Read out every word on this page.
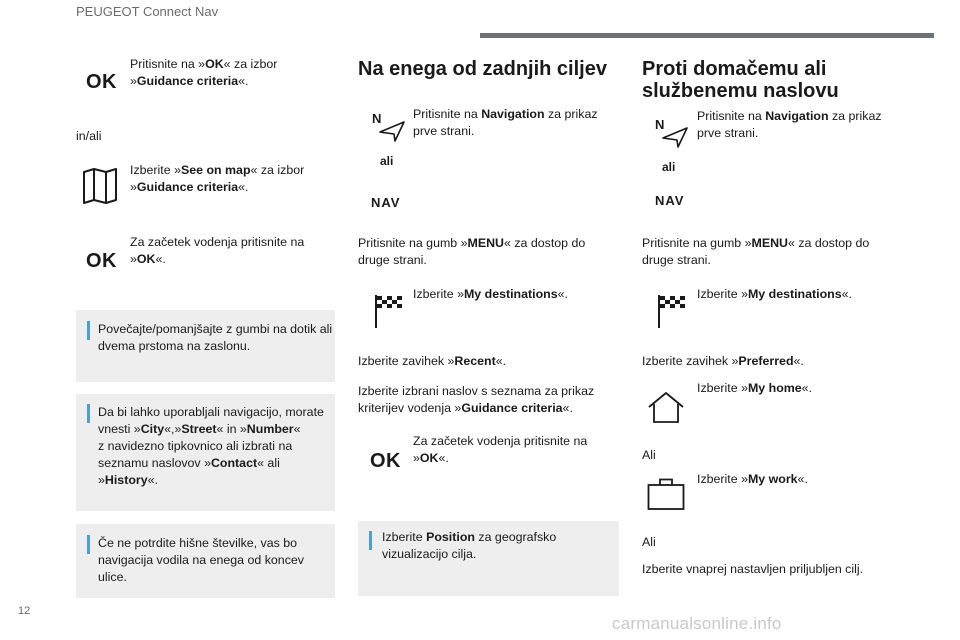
PEUGEOT Connect Nav
OK
Pritisnite na »OK« za izbor
»Guidance criteria«.
in/ali
Izberite »See on map« za izbor
»Guidance criteria«.
OK
Za začetek vodenja pritisnite na
»OK«.
Povečajte/pomanjšajte z gumbi na dotik ali
dvema prstoma na zaslonu.
Da bi lahko uporabljali navigacijo, morate
vnesti »City«,»Street« in »Number«
z navidezno tipkovnico ali izbrati na
seznamu naslovov »Contact« ali
»History«.
Če ne potrdite hišne številke, vas bo
navigacija vodila na enega od koncev
ulice.
Na enega od zadnjih ciljev
N
ali
NAV
Pritisnite na Navigation za prikaz
prve strani.
Pritisnite na gumb »MENU« za dostop do
druge strani.
Izberite »My destinations«.
Izberite zavihek »Recent«.
Izberite izbrani naslov s seznama za prikaz
kriterijev vodenja »Guidance criteria«.
OK
Za začetek vodenja pritisnite na
»OK«.
Izberite Position za geografsko
vizualizacijo cilja.
Proti domačemu ali
službenemu naslovu
N
ali
NAV
Pritisnite na Navigation za prikaz
prve strani.
Pritisnite na gumb »MENU« za dostop do
druge strani.
Izberite »My destinations«.
Izberite zavihek »Preferred«.
Izberite »My home«.
Ali
Izberite »My work«.
Ali
Izberite vnaprej nastavljen priljubljen cilj.
12
carmanualsonline.info
